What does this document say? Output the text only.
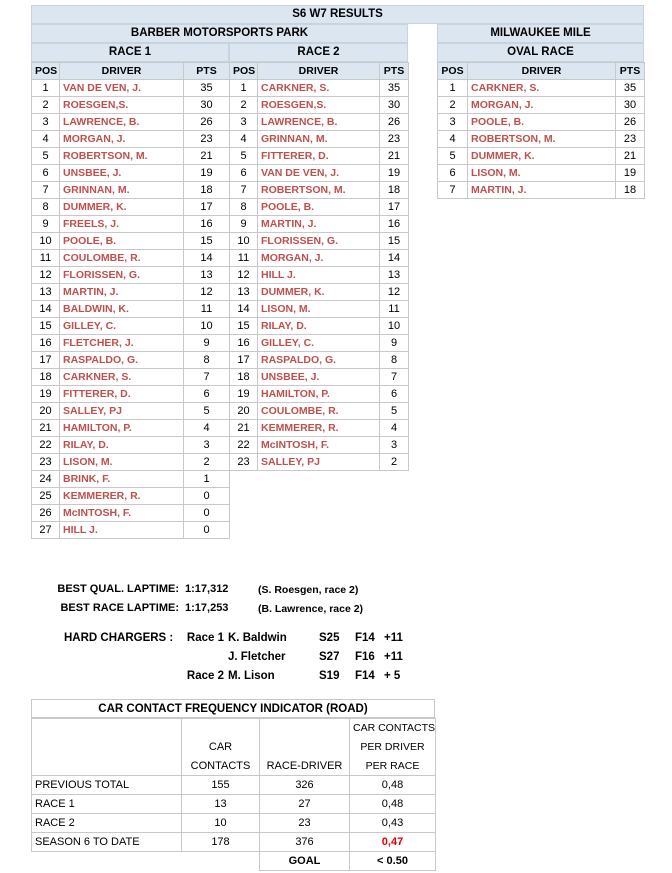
S6 W7 RESULTS
BARBER MOTORSPORTS PARK
RACE 1	RACE 2
MILWAUKEE MILE
OVAL RACE
POS	DRIVER	PTS
1	VAN DE VEN, J.	35
2	ROESGEN,S.	30
3	LAWRENCE, B.	26
4	MORGAN, J.	23
5	ROBERTSON, M.	21
6	UNSBEE, J.	19
7	GRINNAN, M.	18
8	DUMMER, K.	17
9	FREELS, J.	16
10	POOLE, B.	15
11	COULOMBE, R.	14
12	FLORISSEN, G.	13
13	MARTIN, J.	12
14	BALDWIN, K.	11
15	GILLEY, C.	10
16	FLETCHER, J.	9
17	RASPALDO, G.	8
18	CARKNER, S.	7
19	FITTERER, D.	6
20	SALLEY, PJ	5
21	HAMILTON, P.	4
22	RILAY, D.	3
23	LISON, M.	2
24	BRINK, F.	1
25	KEMMERER, R.	0
26	McINTOSH, F.	0
27	HILL J.	0
POS	DRIVER	PTS
1	CARKNER, S.	35
2	ROESGEN,S.	30
3	LAWRENCE, B.	26
4	GRINNAN, M.	23
5	FITTERER, D.	21
6	VAN DE VEN, J.	19
7	ROBERTSON, M.	18
8	POOLE, B.	17
9	MARTIN, J.	16
10	FLORISSEN, G.	15
11	MORGAN, J.	14
12	HILL J.	13
13	DUMMER, K.	12
14	LISON, M.	11
15	RILAY, D.	10
16	GILLEY, C.	9
17	RASPALDO, G.	8
18	UNSBEE, J.	7
19	HAMILTON, P.	6
20	COULOMBE, R.	5
21	KEMMERER, R.	4
22	McINTOSH, F.	3
23	SALLEY, PJ	2
POS	DRIVER	PTS
1	CARKNER, S.	35
2	MORGAN, J.	30
3	POOLE, B.	26
4	ROBERTSON, M.	23
5	DUMMER, K.	21
6	LISON, M.	19
7	MARTIN, J.	18
BEST QUAL. LAPTIME: 1:17,312	(S. Roesgen, race 2)
BEST RACE LAPTIME: 1:17,253	(B. Lawrence, race 2)
HARD CHARGERS :	Race 1 K. Baldwin	S25	F14 +11
J. Fletcher	S27	F16 +11
Race 2 M. Lison	S19	F14 + 5
CAR CONTACT FREQUENCY INDICATOR (ROAD)
			CAR CONTACTS
	CAR		PER DRIVER
	CONTACTS	RACE-DRIVER	PER RACE
PREVIOUS TOTAL	155	326	0,48
RACE 1	13	27	0,48
RACE 2	10	23	0,43
SEASON 6 TO DATE	178	376	0,47
		GOAL	< 0.50
